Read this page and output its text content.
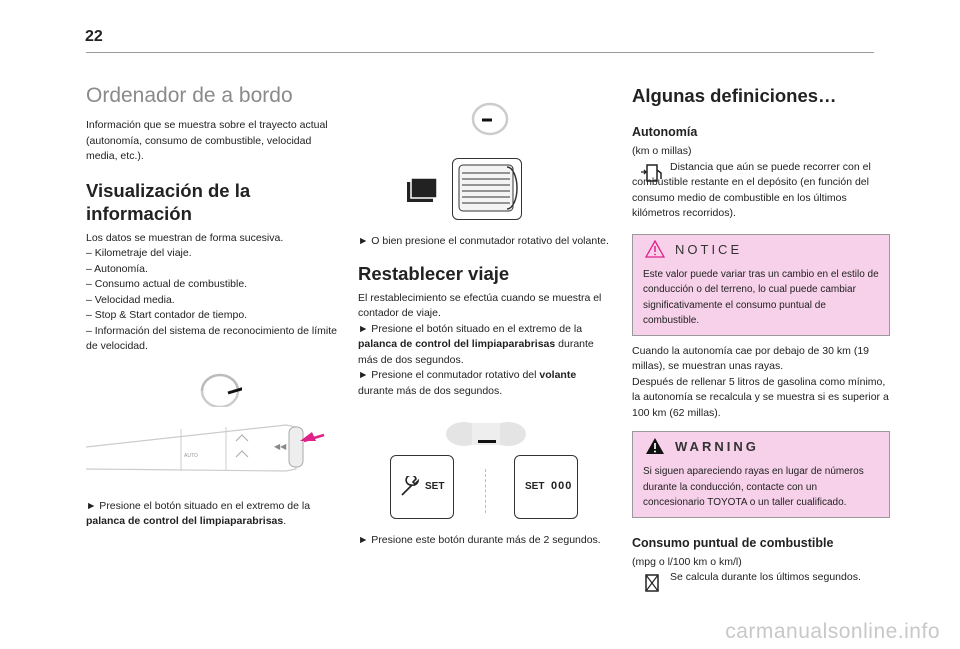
22
Ordenador de a bordo
Información que se muestra sobre el trayecto actual (autonomía, consumo de combustible, velocidad media, etc.).
Visualización de la información
Los datos se muestran de forma sucesiva.
– Kilometraje del viaje.
– Autonomía.
– Consumo actual de combustible.
– Velocidad media.
– Stop & Start contador de tiempo.
– Información del sistema de reconocimiento de límite de velocidad.
◀◀
AUTO
► Presione el botón situado en el extremo de la palanca de control del limpiaparabrisas.
► O bien presione el conmutador rotativo del volante.
Restablecer viaje
El restablecimiento se efectúa cuando se muestra el contador de viaje.
► Presione el botón situado en el extremo de la palanca de control del limpiaparabrisas durante más de dos segundos.
► Presione el conmutador rotativo del volante durante más de dos segundos.
SET	SET 000
► Presione este botón durante más de 2 segundos.
Algunas definiciones…
Autonomía
(km o millas)
Distancia que aún se puede recorrer con el combustible restante en el depósito (en función del consumo medio de combustible en los últimos kilómetros recorridos).
NOTICE
Este valor puede variar tras un cambio en el estilo de conducción o del terreno, lo cual puede cambiar significativamente el consumo puntual de combustible.
Cuando la autonomía cae por debajo de 30 km (19 millas), se muestran unas rayas.
Después de rellenar 5 litros de gasolina como mínimo, la autonomía se recalcula y se muestra si es superior a 100 km (62 millas).
WARNING
Si siguen apareciendo rayas en lugar de números durante la conducción, contacte con un concesionario TOYOTA o un taller cualificado.
Consumo puntual de combustible
(mpg o l/100 km o km/l)
Se calcula durante los últimos segundos.
carmanualsonline.info
